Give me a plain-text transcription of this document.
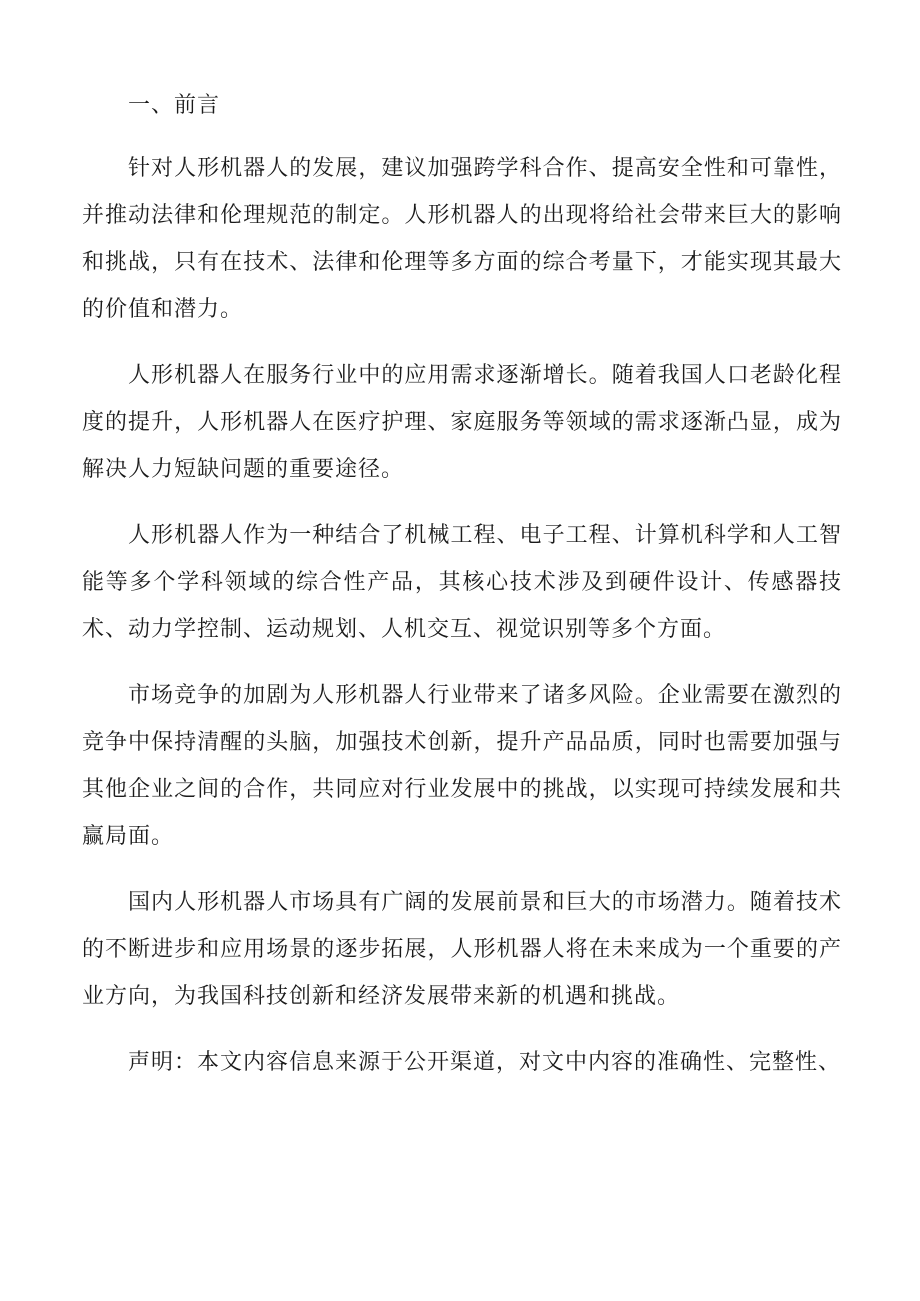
一、前言

针对人形机器人的发展，建议加强跨学科合作、提高安全性和可靠性，并推动法律和伦理规范的制定。人形机器人的出现将给社会带来巨大的影响和挑战，只有在技术、法律和伦理等多方面的综合考量下，才能实现其最大的价值和潜力。

人形机器人在服务行业中的应用需求逐渐增长。随着我国人口老龄化程度的提升，人形机器人在医疗护理、家庭服务等领域的需求逐渐凸显，成为解决人力短缺问题的重要途径。

人形机器人作为一种结合了机械工程、电子工程、计算机科学和人工智能等多个学科领域的综合性产品，其核心技术涉及到硬件设计、传感器技术、动力学控制、运动规划、人机交互、视觉识别等多个方面。

市场竞争的加剧为人形机器人行业带来了诸多风险。企业需要在激烈的竞争中保持清醒的头脑，加强技术创新，提升产品品质，同时也需要加强与其他企业之间的合作，共同应对行业发展中的挑战，以实现可持续发展和共赢局面。

国内人形机器人市场具有广阔的发展前景和巨大的市场潜力。随着技术的不断进步和应用场景的逐步拓展，人形机器人将在未来成为一个重要的产业方向，为我国科技创新和经济发展带来新的机遇和挑战。

声明：本文内容信息来源于公开渠道，对文中内容的准确性、完整性、
